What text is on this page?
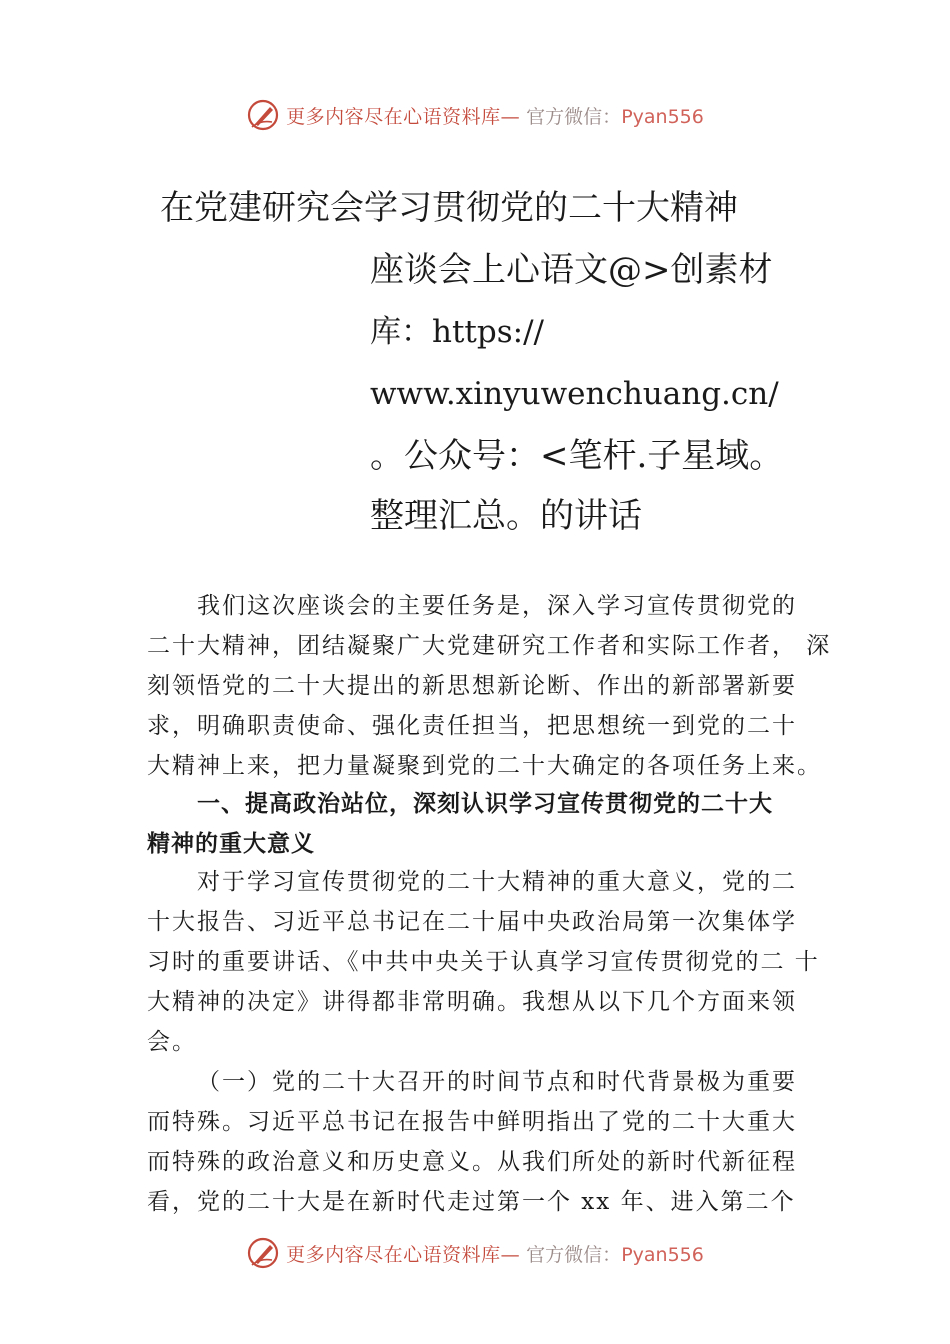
更多内容尽在心语资料库— 官方微信：Pyan556
在党建研究会学习贯彻党的二十大精神
座谈会上心语文@>创素材
库：https://
www.xinyuwenchuang.cn/
。公众号：<笔杆.子星域。
整理汇总。的讲话
我们这次座谈会的主要任务是，深入学习宣传贯彻党的
二十大精神，团结凝聚广大党建研究工作者和实际工作者， 深
刻领悟党的二十大提出的新思想新论断、作出的新部署新要
求，明确职责使命、强化责任担当，把思想统一到党的二十
大精神上来，把力量凝聚到党的二十大确定的各项任务上来。
一、提高政治站位，深刻认识学习宣传贯彻党的二十大
精神的重大意义
对于学习宣传贯彻党的二十大精神的重大意义，党的二
十大报告、习近平总书记在二十届中央政治局第一次集体学
习时的重要讲话、《中共中央关于认真学习宣传贯彻党的二 十
大精神的决定》讲得都非常明确。我想从以下几个方面来领
会。
（一）党的二十大召开的时间节点和时代背景极为重要
而特殊。习近平总书记在报告中鲜明指出了党的二十大重大
而特殊的政治意义和历史意义。从我们所处的新时代新征程
看，党的二十大是在新时代走过第一个 xx 年、进入第二个
更多内容尽在心语资料库— 官方微信：Pyan556
